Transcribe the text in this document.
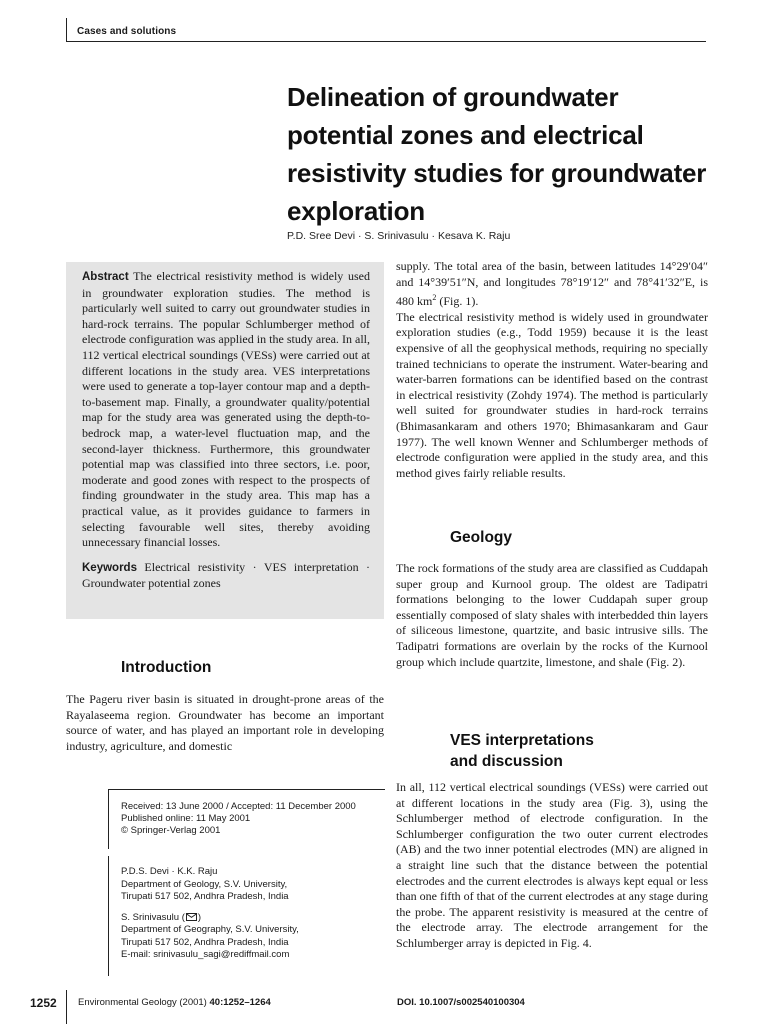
Cases and solutions
Delineation of groundwater
potential zones and electrical
resistivity studies for groundwater
exploration
P.D. Sree Devi · S. Srinivasulu · Kesava K. Raju

Abstract The electrical resistivity method is widely used in groundwater exploration studies. The method is particularly well suited to carry out groundwater studies in hard-rock terrains. The popular Schlumberger method of electrode configuration was applied in the study area. In all, 112 vertical electrical soundings (VESs) were carried out at different locations in the study area. VES interpretations were used to generate a top-layer contour map and a depth-to-basement map. Finally, a groundwater quality/potential map for the study area was generated using the depth-to-bedrock map, a water-level fluctuation map, and the second-layer thickness. Furthermore, this groundwater potential map was classified into three sectors, i.e. poor, moderate and good zones with respect to the prospects of finding groundwater in the study area. This map has a practical value, as it provides guidance to farmers in selecting favourable well sites, thereby avoiding unnecessary financial losses.

Keywords Electrical resistivity · VES interpretation · Groundwater potential zones

Introduction
The Pageru river basin is situated in drought-prone areas of the Rayalaseema region. Groundwater has become an important source of water, and has played an important role in developing industry, agriculture, and domestic

supply. The total area of the basin, between latitudes 14°29′04″ and 14°39′51″N, and longitudes 78°19′12″ and 78°41′32″E, is 480 $km^2$ (Fig. 1).

The electrical resistivity method is widely used in groundwater exploration studies (e.g., Todd 1959) because it is the least expensive of all the geophysical methods, requiring no specially trained technicians to operate the instrument. Water-bearing and water-barren formations can be identified based on the contrast in electrical resistivity (Zohdy 1974). The method is particularly well suited for groundwater studies in hard-rock terrains (Bhimasankaram and others 1970; Bhimasankaram and Gaur 1977). The well known Wenner and Schlumberger methods of electrode configuration were applied in the study area, and this method gives fairly reliable results.

Geology
The rock formations of the study area are classified as Cuddapah super group and Kurnool group. The oldest are Tadipatri formations belonging to the lower Cuddapah super group essentially composed of slaty shales with interbedded thin layers of siliceous limestone, quartzite, and basic intrusive sills. The Tadipatri formations are overlain by the rocks of the Kurnool group which include quartzite, limestone, and shale (Fig. 2).
VES interpretations
and discussion
In all, 112 vertical electrical soundings (VESs) were carried out at different locations in the study area (Fig. 3), using the Schlumberger method of electrode configuration. In the Schlumberger configuration the two outer current electrodes (AB) and the two inner potential electrodes (MN) are aligned in a straight line such that the distance between the potential electrodes and the current electrodes is always kept equal or less than one fifth of that of the current electrodes at any stage during the probe. The apparent resistivity is measured at the centre of the electrode array. The electrode arrangement for the Schlumberger array is depicted in Fig. 4.
Received: 13 June 2000 / Accepted: 11 December 2000
Published online: 11 May 2001
© Springer-Verlag 2001
P.D.S. Devi · K.K. Raju
Department of Geology, S.V. University,
Tirupati 517 502, Andhra Pradesh, India
S. Srinivasulu ( )
Department of Geography, S.V. University,
Tirupati 517 502, Andhra Pradesh, India
E-mail: srinivasulu_sagi@rediffmail.com
1252 Environmental Geology (2001) 40:1252–1264	DOI. 10.1007/s002540100304
